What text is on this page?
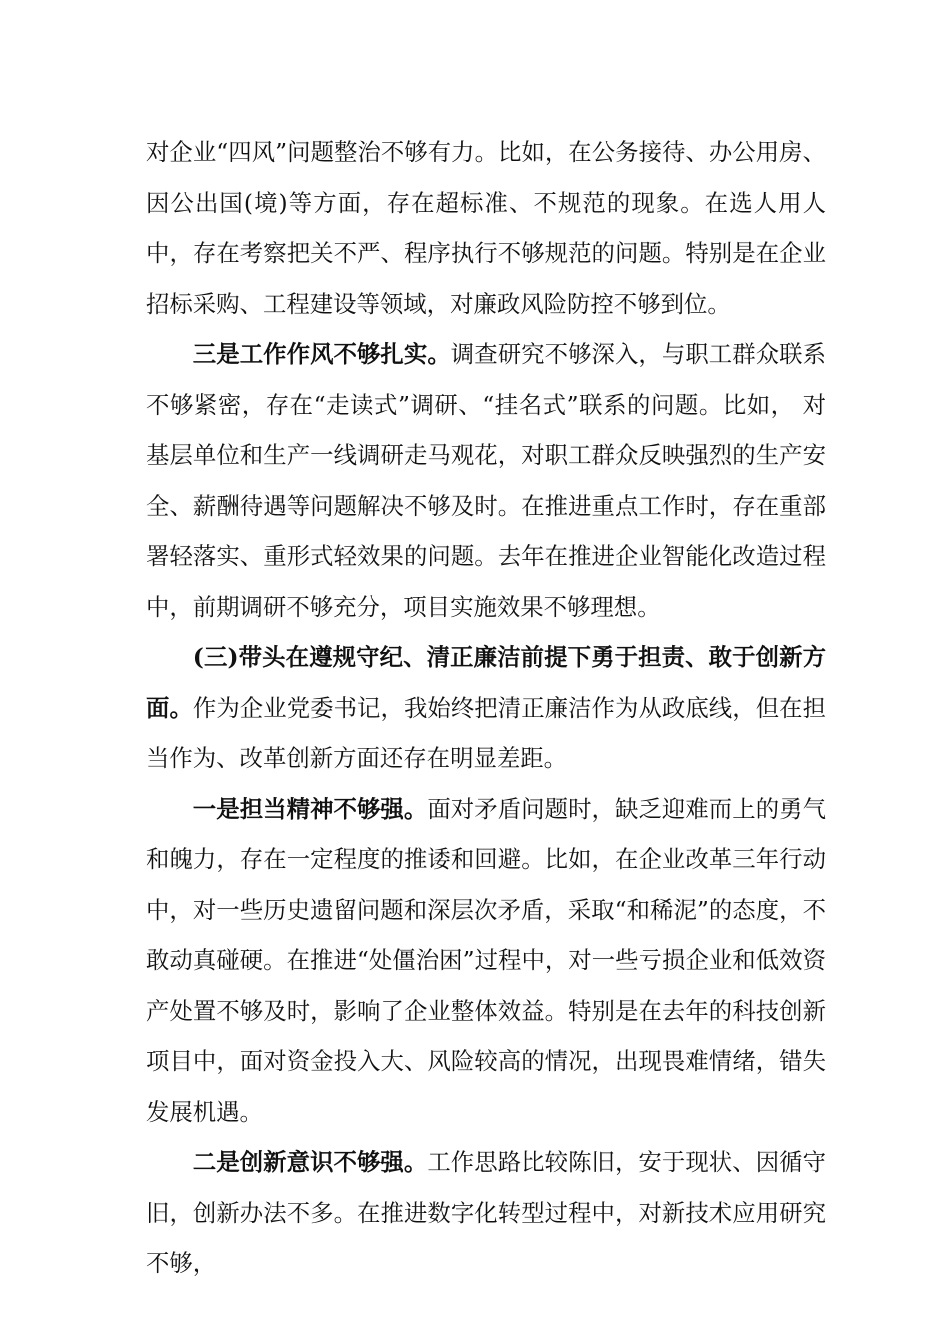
对企业“四风”问题整治不够有力。比如，在公务接待、办公用房、因公出国(境)等方面，存在超标准、不规范的现象。在选人用人中，存在考察把关不严、程序执行不够规范的问题。特别是在企业招标采购、工程建设等领域，对廉政风险防控不够到位。

三是工作作风不够扎实。调查研究不够深入，与职工群众联系不够紧密，存在“走读式”调研、“挂名式”联系的问题。比如， 对基层单位和生产一线调研走马观花，对职工群众反映强烈的生产安全、薪酬待遇等问题解决不够及时。在推进重点工作时，存在重部署轻落实、重形式轻效果的问题。去年在推进企业智能化改造过程中，前期调研不够充分，项目实施效果不够理想。

(三)带头在遵规守纪、清正廉洁前提下勇于担责、敢于创新方面。作为企业党委书记，我始终把清正廉洁作为从政底线，但在担当作为、改革创新方面还存在明显差距。

一是担当精神不够强。面对矛盾问题时，缺乏迎难而上的勇气和魄力，存在一定程度的推诿和回避。比如，在企业改革三年行动中，对一些历史遗留问题和深层次矛盾，采取“和稀泥”的态度，不敢动真碰硬。在推进“处僵治困”过程中，对一些亏损企业和低效资产处置不够及时，影响了企业整体效益。特别是在去年的科技创新项目中，面对资金投入大、风险较高的情况，出现畏难情绪，错失发展机遇。

二是创新意识不够强。工作思路比较陈旧，安于现状、因循守旧，创新办法不多。在推进数字化转型过程中，对新技术应用研究不够，
